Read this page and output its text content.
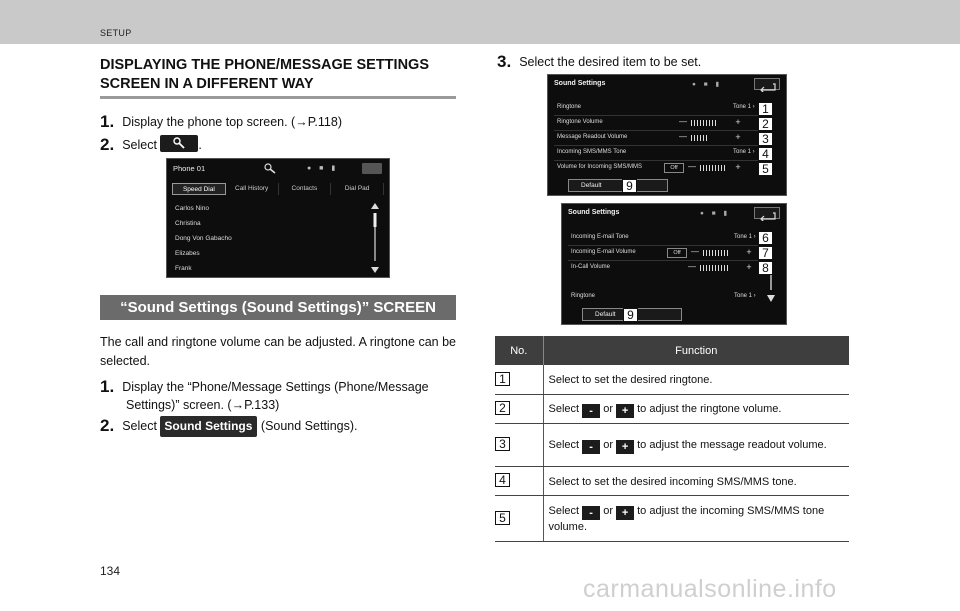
SETUP
DISPLAYING THE PHONE/MESSAGE SETTINGS
SCREEN IN A DIFFERENT WAY
1. Display the phone top screen. (→P.118)
2. Select	.
Phone 01	● ■ ▮
Speed Dial	Call History	Contacts	Dial Pad
Carlos Nino
Christina
Dong Von Gabacho
Elizabes
Frank
“Sound Settings (Sound Settings)” SCREEN
The call and ringtone volume can be adjusted. A ringtone can be selected.
1. Display the “Phone/Message Settings (Phone/Message Settings)” screen. (→P.133)
2. Select Sound Settings (Sound Settings).
3. Select the desired item to be set.
Sound Settings	● ■ ▮
Ringtone	Tone 1 ›
Ringtone Volume	—	+
Message Readout Volume	—	+
Incoming SMS/MMS Tone	Tone 1 ›
Volume for Incoming SMS/MMS	Off	—	+
Default
1
2
3
4
5
9
Sound Settings	● ■ ▮
Incoming E-mail Tone	Tone 1 ›
Incoming E-mail Volume	Off	—	+
In-Call Volume	—	+
Ringtone	Tone 1 ›
Default
6
7
8
9
No.	Function
1	Select to set the desired ringtone.
2	Select - or + to adjust the ringtone volume.
3	Select - or + to adjust the message readout volume.
4	Select to set the desired incoming SMS/MMS tone.
5	Select - or + to adjust the incoming SMS/MMS tone volume.
134
carmanualsonline.info
